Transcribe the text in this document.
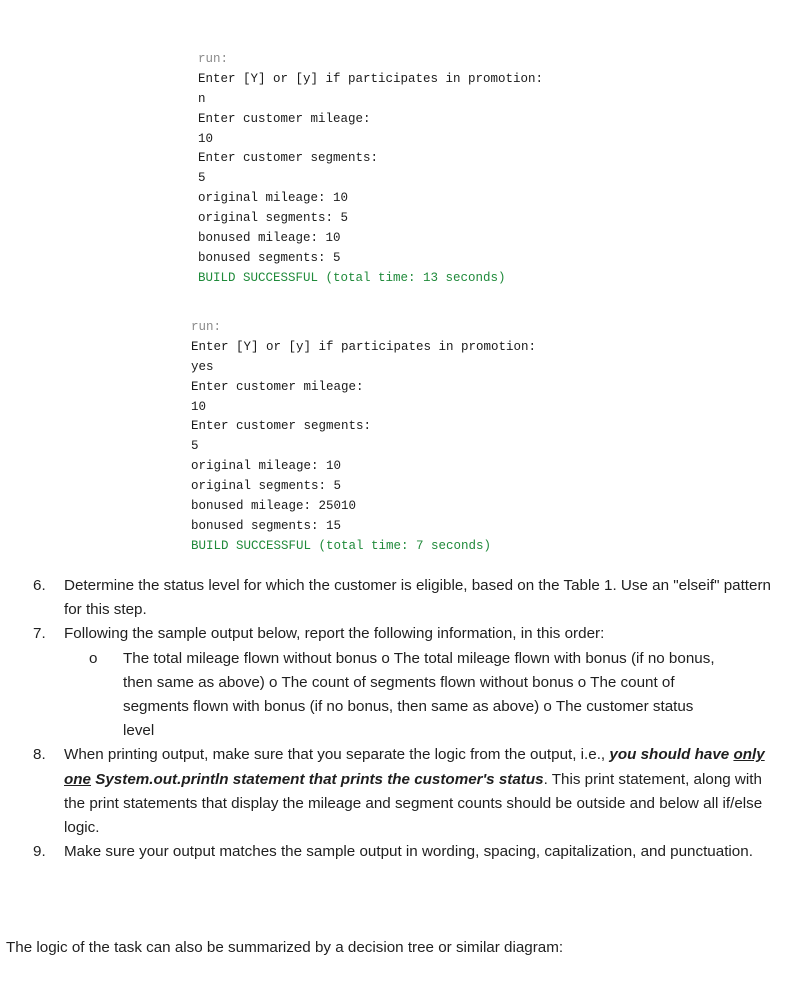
run:
Enter [Y] or [y] if participates in promotion:
n
Enter customer mileage:
10
Enter customer segments:
5
original mileage: 10
original segments: 5
bonused mileage: 10
bonused segments: 5
BUILD SUCCESSFUL (total time: 13 seconds)
run:
Enter [Y] or [y] if participates in promotion:
yes
Enter customer mileage:
10
Enter customer segments:
5
original mileage: 10
original segments: 5
bonused mileage: 25010
bonused segments: 15
BUILD SUCCESSFUL (total time: 7 seconds)
6.	Determine the status level for which the customer is eligible, based on the Table 1. Use an "elseif" pattern for this step.
7.	Following the sample output below, report the following information, in this order:
o	The total mileage flown without bonus o The total mileage flown with bonus (if no bonus, then same as above) o The count of segments flown without bonus o The count of segments flown with bonus (if no bonus, then same as above) o The customer status level
8.	When printing output, make sure that you separate the logic from the output, i.e., you should have only one System.out.println statement that prints the customer's status. This print statement, along with the print statements that display the mileage and segment counts should be outside and below all if/else logic.
9.	Make sure your output matches the sample output in wording, spacing, capitalization, and punctuation.
The logic of the task can also be summarized by a decision tree or similar diagram:
